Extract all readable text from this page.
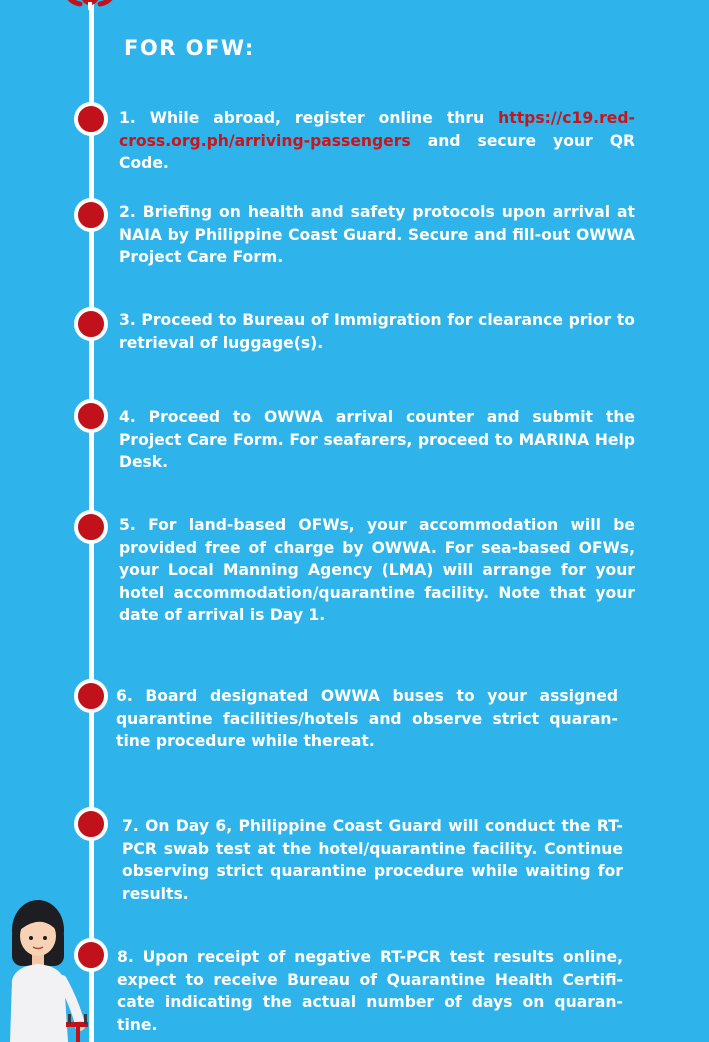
FOR OFW:

1. While abroad, register online thru https://c19.red-cross.org.ph/arriving-passengers and secure your QR Code.

2. Briefing on health and safety protocols upon arrival at NAIA by Philippine Coast Guard. Secure and fill-out OWWA Project Care Form.

3. Proceed to Bureau of Immigration for clearance prior to retrieval of luggage(s).

4. Proceed to OWWA arrival counter and submit the Project Care Form. For seafarers, proceed to MARINA Help Desk.

5. For land-based OFWs, your accommodation will be provided free of charge by OWWA. For sea-based OFWs, your Local Manning Agency (LMA) will arrange for your hotel accommodation/quarantine facility. Note that your date of arrival is Day 1.

6. Board designated OWWA buses to your assigned quarantine facilities/hotels and observe strict quaran-tine procedure while thereat.

7. On Day 6, Philippine Coast Guard will conduct the RT-PCR swab test at the hotel/quarantine facility. Continue observing strict quarantine procedure while waiting for results.

8. Upon receipt of negative RT-PCR test results online, expect to receive Bureau of Quarantine Health Certifi-cate indicating the actual number of days on quaran-tine.
